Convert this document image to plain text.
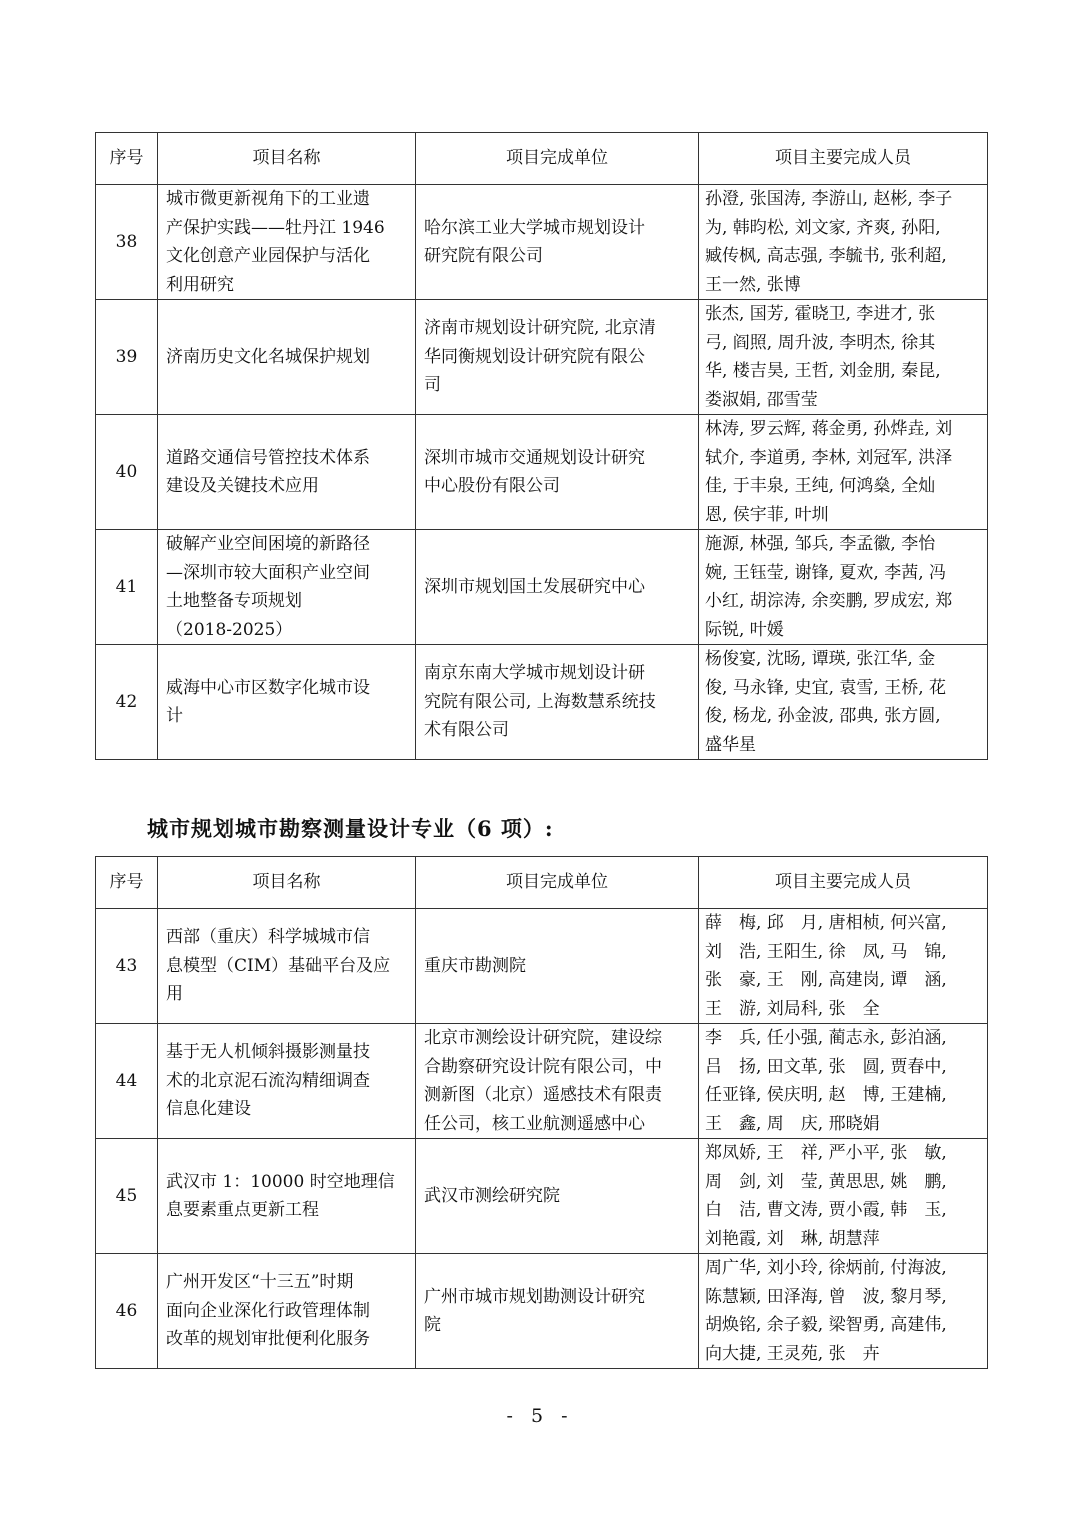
序号	项目名称	项目完成单位	项目主要完成人员
38	城市微更新视角下的工业遗
产保护实践——牡丹江 1946
文化创意产业园保护与活化
利用研究	哈尔滨工业大学城市规划设计
研究院有限公司	孙澄, 张国涛, 李游山, 赵彬, 李子
为, 韩昀松, 刘文家, 齐爽, 孙阳,
臧传枫, 高志强, 李毓书, 张利超,
王一然, 张博
39	济南历史文化名城保护规划	济南市规划设计研究院, 北京清
华同衡规划设计研究院有限公
司	张杰, 国芳, 霍晓卫, 李进才, 张
弓, 阎照, 周升波, 李明杰, 徐其
华, 楼吉昊, 王哲, 刘金朋, 秦昆,
娄淑娟, 邵雪莹
40	道路交通信号管控技术体系
建设及关键技术应用	深圳市城市交通规划设计研究
中心股份有限公司	林涛, 罗云辉, 蒋金勇, 孙烨垚, 刘
轼介, 李道勇, 李林, 刘冠军, 洪泽
佳, 于丰泉, 王纯, 何鸿燊, 全灿
恩, 侯宇菲, 叶圳
41	破解产业空间困境的新路径
—深圳市较大面积产业空间
土地整备专项规划
（2018-2025）	深圳市规划国土发展研究中心	施源, 林强, 邹兵, 李孟徽, 李怡
婉, 王钰莹, 谢锋, 夏欢, 李茜, 冯
小红, 胡淙涛, 余奕鹏, 罗成宏, 郑
际锐, 叶媛
42	威海中心市区数字化城市设
计	南京东南大学城市规划设计研
究院有限公司, 上海数慧系统技
术有限公司	杨俊宴, 沈旸, 谭瑛, 张江华, 金
俊, 马永锋, 史宜, 袁雪, 王桥, 花
俊, 杨龙, 孙金波, 邵典, 张方圆,
盛华星
城市规划城市勘察测量设计专业（6 项）:
序号	项目名称	项目完成单位	项目主要完成人员
43	西部（重庆）科学城城市信
息模型（CIM）基础平台及应
用	重庆市勘测院	薛　梅, 邱　月, 唐相桢, 何兴富,
刘　浩, 王阳生, 徐　凤, 马　锦,
张　豪, 王　刚, 高建岗, 谭　涵,
王　游, 刘局科, 张　全
44	基于无人机倾斜摄影测量技
术的北京泥石流沟精细调查
信息化建设	北京市测绘设计研究院，建设综
合勘察研究设计院有限公司，中
测新图（北京）遥感技术有限责
任公司，核工业航测遥感中心	李　兵, 任小强, 蔺志永, 彭泊涵,
吕　扬, 田文革, 张　圆, 贾春中,
任亚锋, 侯庆明, 赵　博, 王建楠,
王　鑫, 周　庆, 邢晓娟
45	武汉市 1：10000 时空地理信
息要素重点更新工程	武汉市测绘研究院	郑凤娇, 王　祥, 严小平, 张　敏,
周　剑, 刘　莹, 黄思思, 姚　鹏,
白　洁, 曹文涛, 贾小霞, 韩　玉,
刘艳霞, 刘　琳, 胡慧萍
46	广州开发区“十三五”时期
面向企业深化行政管理体制
改革的规划审批便利化服务	广州市城市规划勘测设计研究
院	周广华, 刘小玲, 徐炳前, 付海波,
陈慧颖, 田泽海, 曾　波, 黎月琴,
胡焕铭, 余子毅, 梁智勇, 高建伟,
向大捷, 王灵苑, 张　卉
- 5 -
